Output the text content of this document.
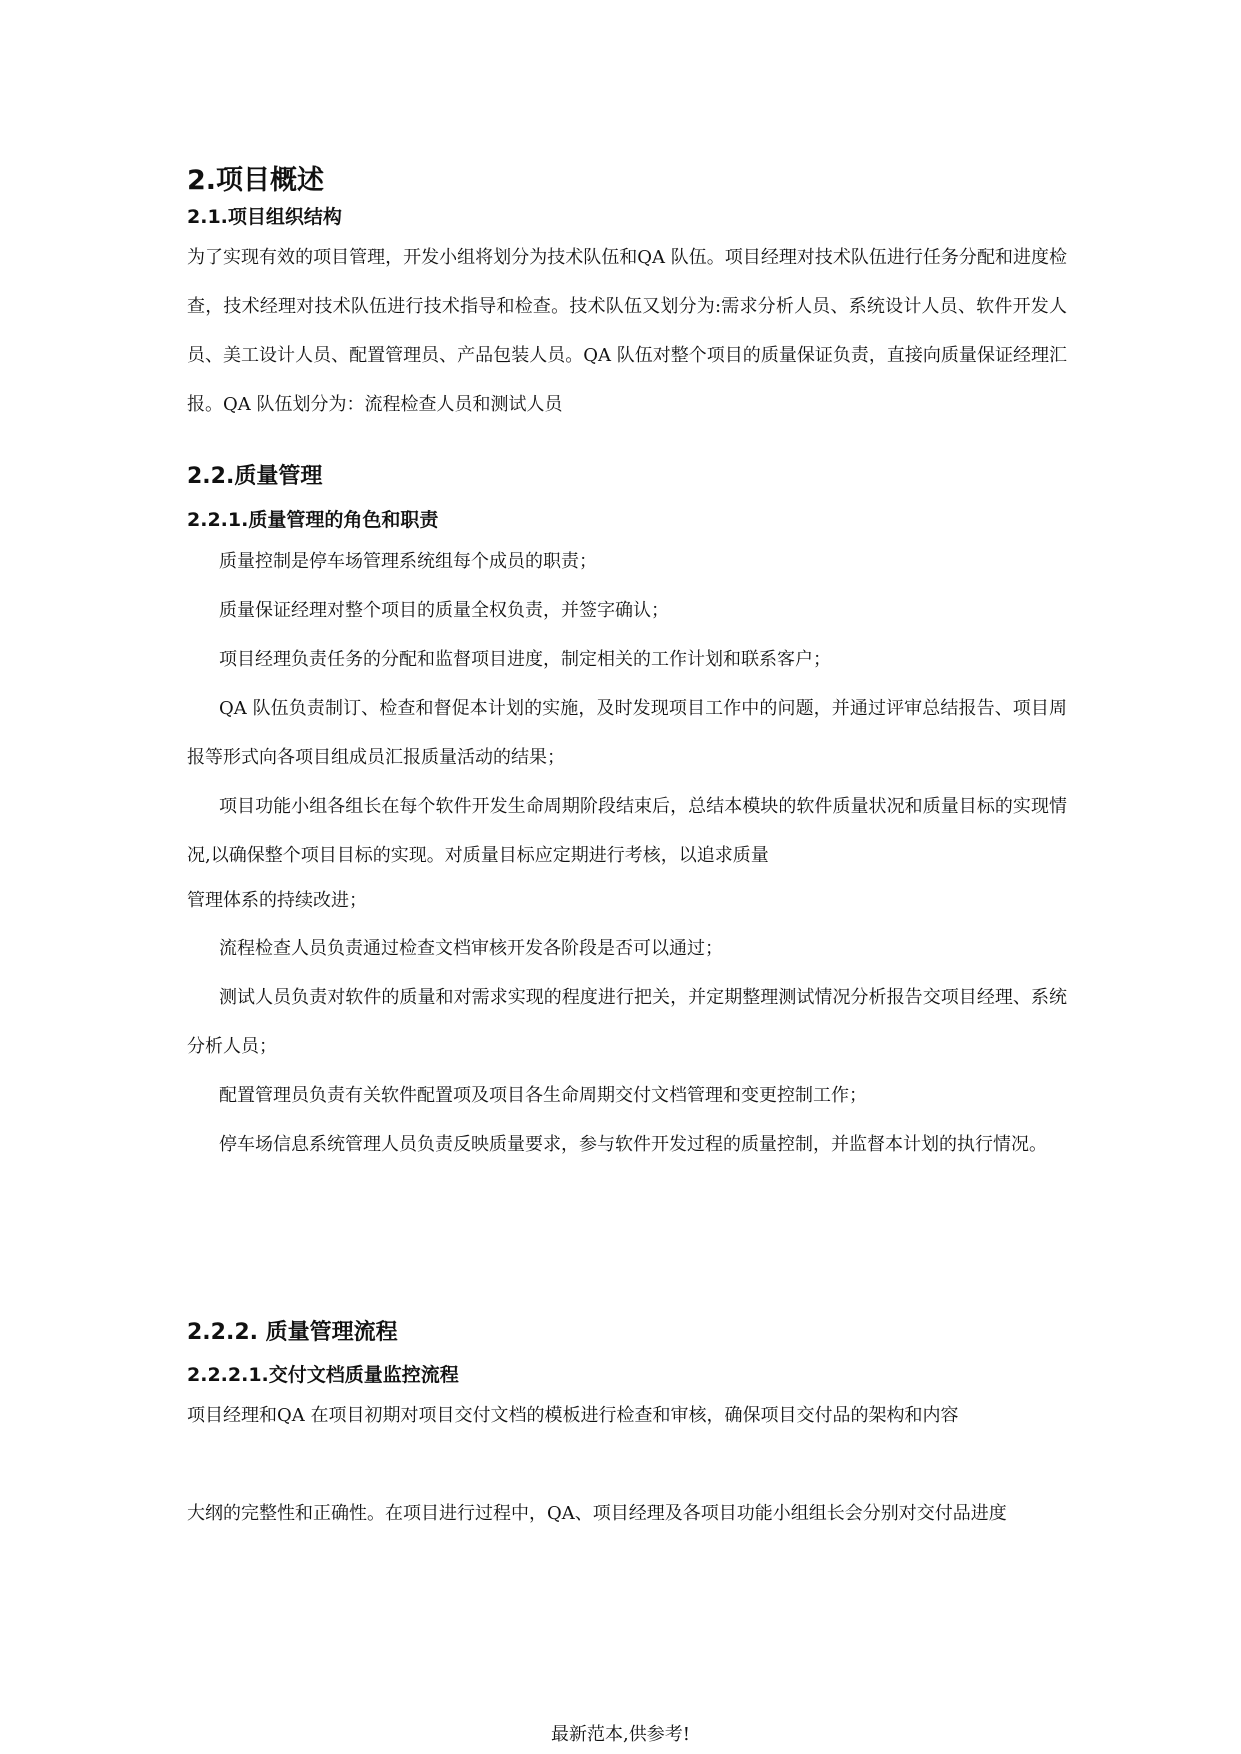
2.项目概述
2.1.项目组织结构

为了实现有效的项目管理，开发小组将划分为技术队伍和QA 队伍。项目经理对技术队伍进行任务分配和进度检查，技术经理对技术队伍进行技术指导和检查。技术队伍又划分为:需求分析人员、系统设计人员、软件开发人员、美工设计人员、配置管理员、产品包装人员。QA 队伍对整个项目的质量保证负责，直接向质量保证经理汇报。QA 队伍划分为：流程检查人员和测试人员

2.2.质量管理
2.2.1.质量管理的角色和职责

质量控制是停车场管理系统组每个成员的职责；

质量保证经理对整个项目的质量全权负责，并签字确认；

项目经理负责任务的分配和监督项目进度，制定相关的工作计划和联系客户；

QA 队伍负责制订、检查和督促本计划的实施，及时发现项目工作中的问题，并通过评审总结报告、项目周报等形式向各项目组成员汇报质量活动的结果；

项目功能小组各组长在每个软件开发生命周期阶段结束后，总结本模块的软件质量状况和质量目标的实现情况,以确保整个项目目标的实现。对质量目标应定期进行考核，以追求质量

管理体系的持续改进；

流程检查人员负责通过检查文档审核开发各阶段是否可以通过；

测试人员负责对软件的质量和对需求实现的程度进行把关，并定期整理测试情况分析报告交项目经理、系统分析人员；

配置管理员负责有关软件配置项及项目各生命周期交付文档管理和变更控制工作；

停车场信息系统管理人员负责反映质量要求，参与软件开发过程的质量控制，并监督本计划的执行情况。

2.2.2. 质量管理流程
2.2.2.1.交付文档质量监控流程

项目经理和QA 在项目初期对项目交付文档的模板进行检查和审核，确保项目交付品的架构和内容

大纲的完整性和正确性。在项目进行过程中，QA、项目经理及各项目功能小组组长会分别对交付品进度

最新范本,供参考!
